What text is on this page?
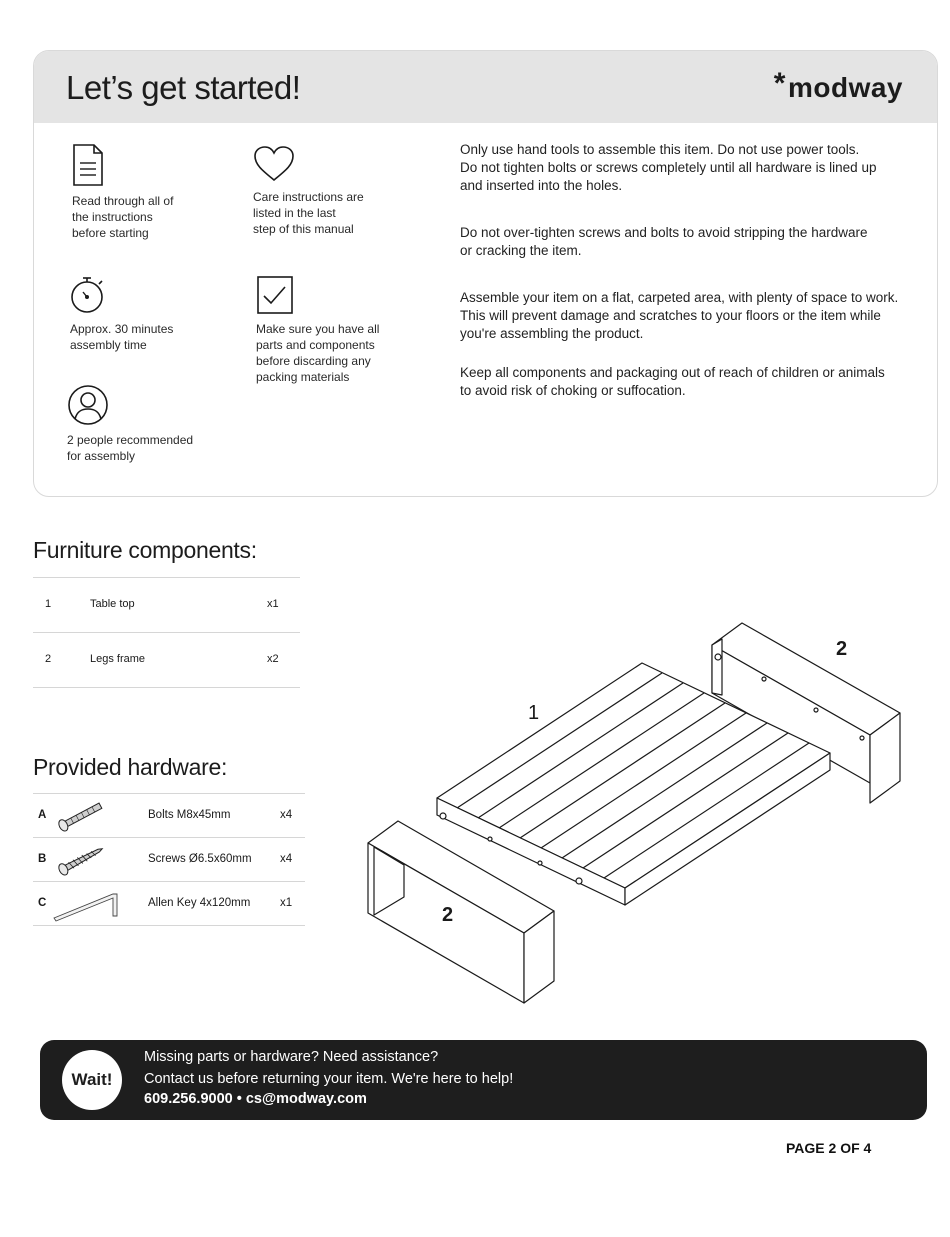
Let’s get started!	*modway
Read through all of
the instructions
before starting
Care instructions are
listed in the last
step of this manual
Approx. 30 minutes
assembly time
Make sure you have all
parts and components
before discarding any
packing materials
2 people recommended
for assembly
Only use hand tools to assemble this item. Do not use power tools.
Do not tighten bolts or screws completely until all hardware is lined up
and inserted into the holes.
Do not over-tighten screws and bolts to avoid stripping the hardware
or cracking the item.
Assemble your item on a flat, carpeted area, with plenty of space to work.
This will prevent damage and scratches to your floors or the item while
you're assembling the product.
Keep all components and packaging out of reach of children or animals
to avoid risk of choking or suffocation.
Furniture components:
1	Table top	x1
2	Legs frame	x2
Provided hardware:
A	Bolts M8x45mm	x4
B	Screws Ø6.5x60mm x4
C	Allen Key 4x120mm	x1
1
2
2
Wait!
Missing parts or hardware? Need assistance?
Contact us before returning your item. We're here to help!
609.256.9000 • cs@modway.com
PAGE 2 OF 4
